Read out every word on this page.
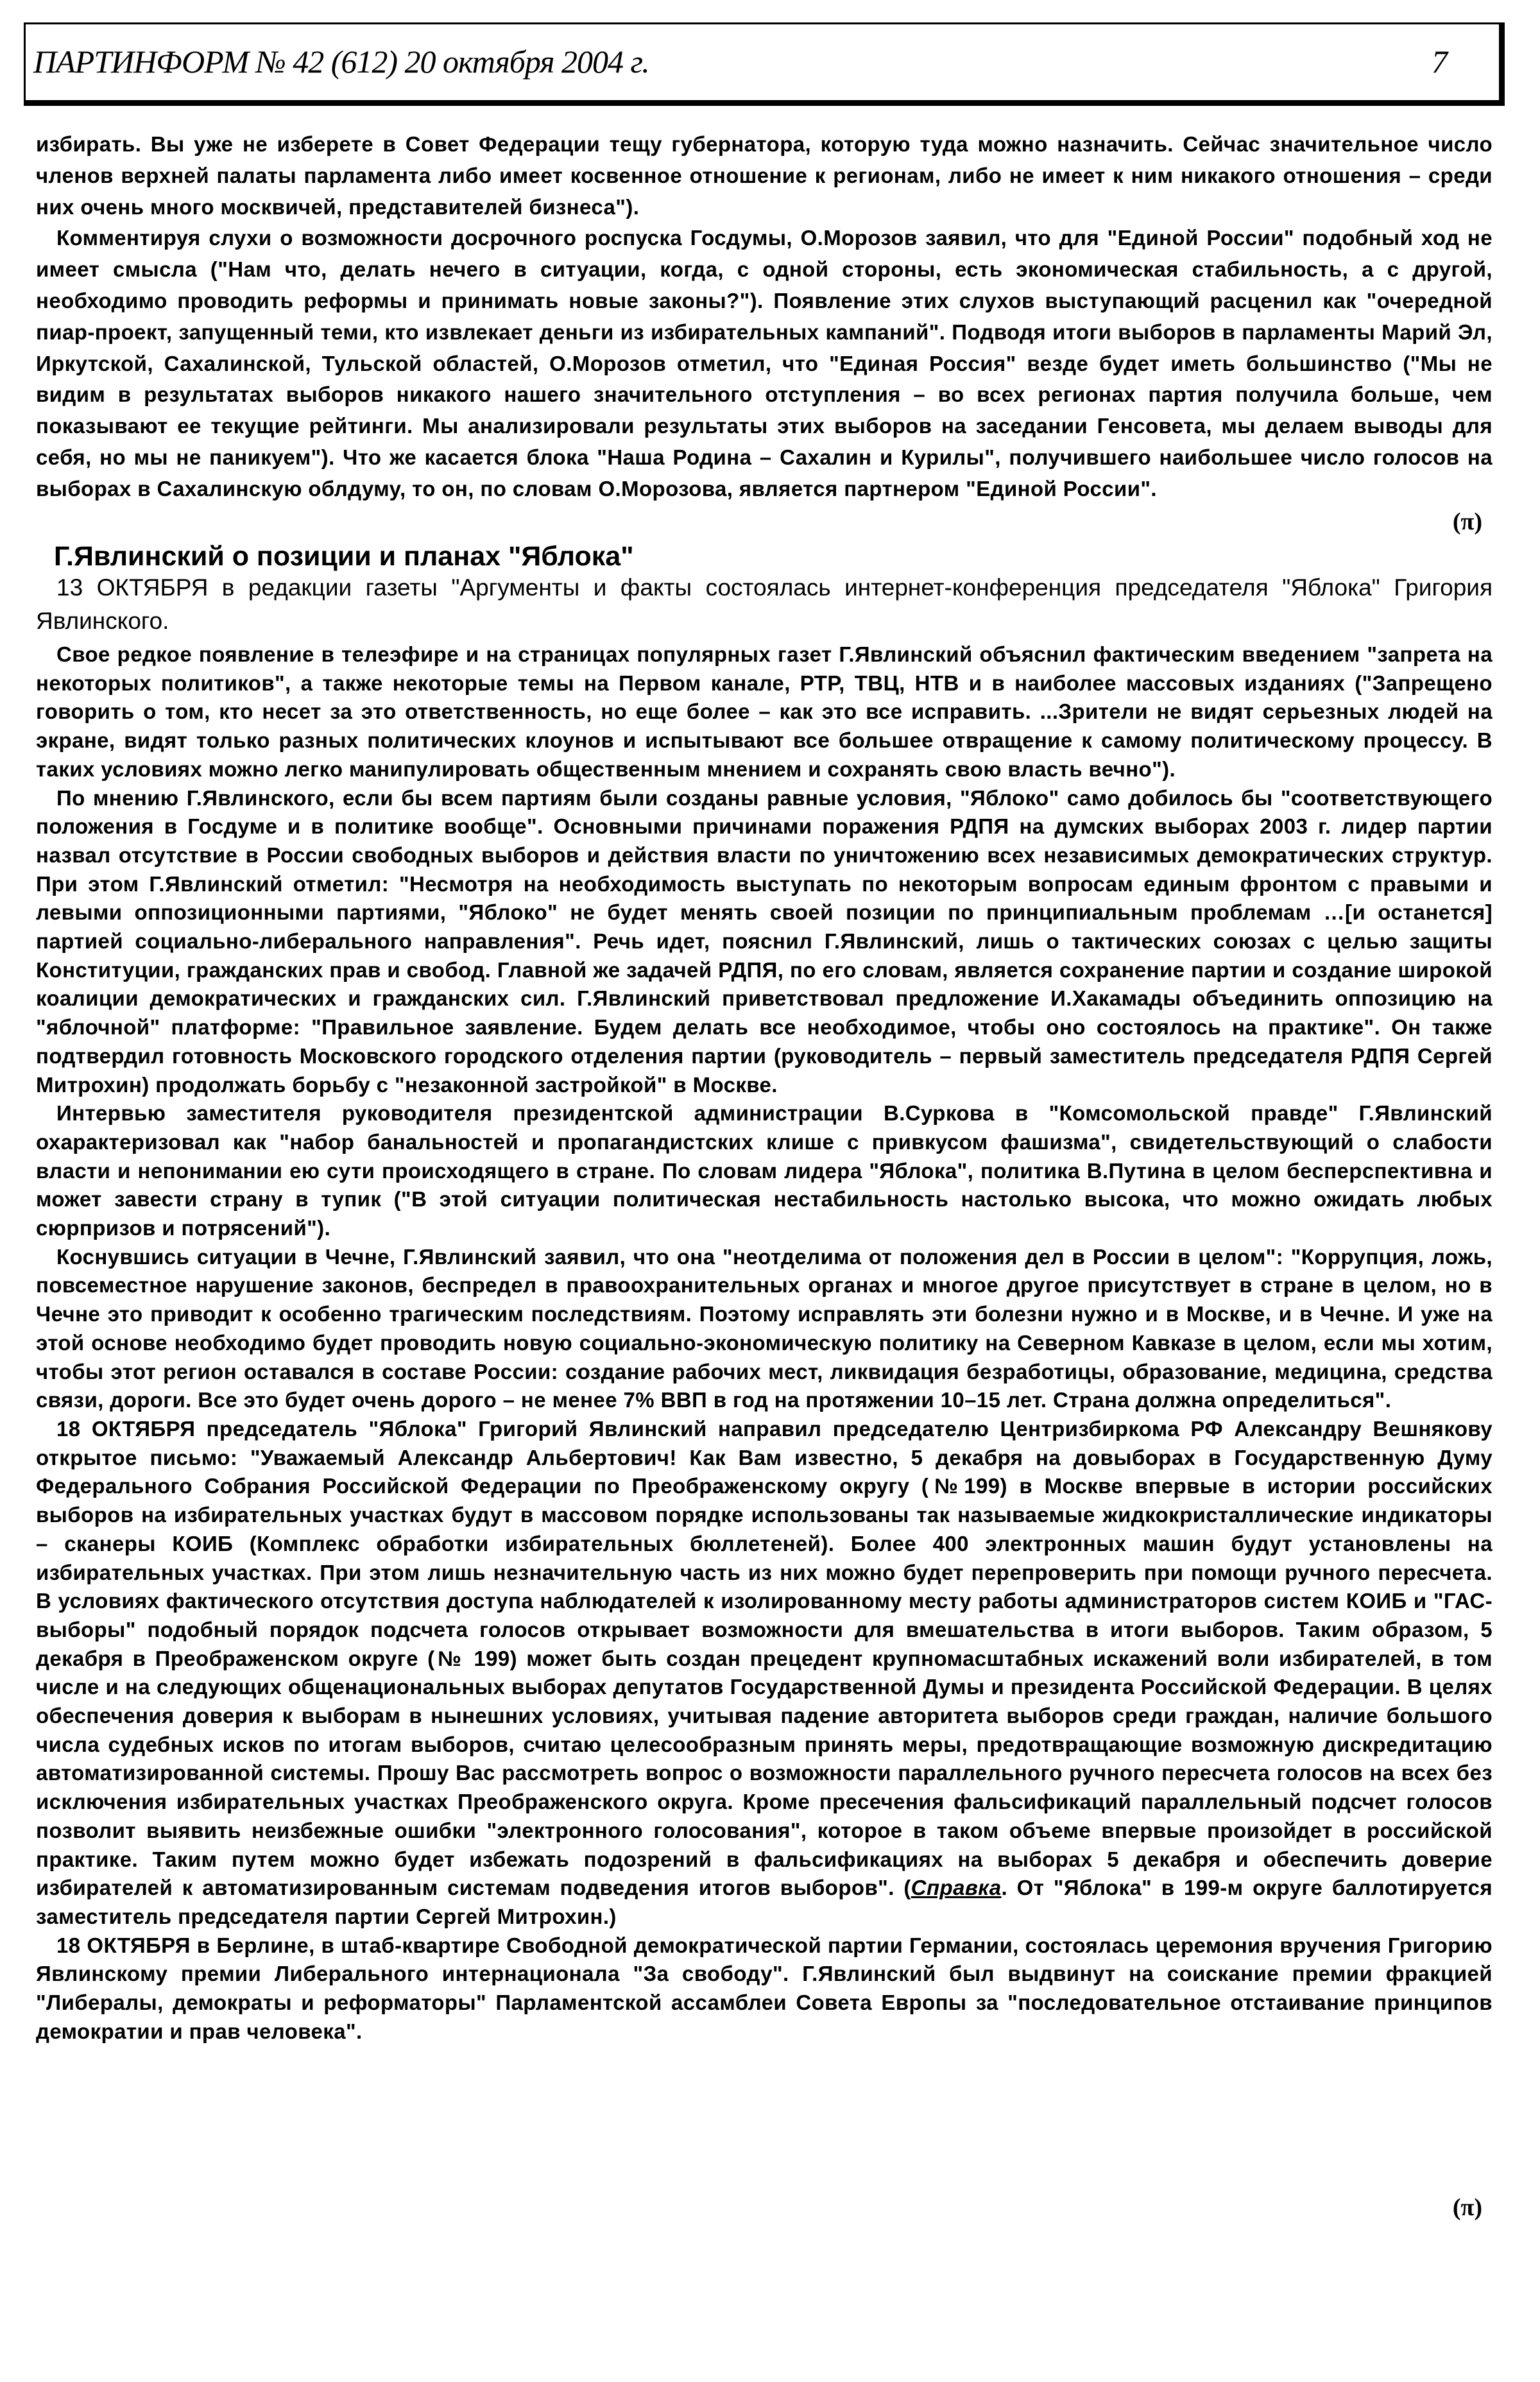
ПАРТИНФОРМ № 42 (612) 20 октября 2004 г.	7

избирать. Вы уже не изберете в Совет Федерации тещу губернатора, которую туда можно назначить. Сейчас значительное число членов верхней палаты парламента либо имеет косвенное отношение к регионам, либо не имеет к ним никакого отношения – среди них очень много москвичей, представителей бизнеса").

Комментируя слухи о возможности досрочного роспуска Госдумы, О.Морозов заявил, что для "Единой России" подобный ход не имеет смысла ("Нам что, делать нечего в ситуации, когда, с одной стороны, есть экономическая стабильность, а с другой, необходимо проводить реформы и принимать новые законы?"). Появление этих слухов выступающий расценил как "очередной пиар-проект, запущенный теми, кто извлекает деньги из избирательных кампаний". Подводя итоги выборов в парламенты Марий Эл, Иркутской, Сахалинской, Тульской областей, О.Морозов отметил, что "Единая Россия" везде будет иметь большинство ("Мы не видим в результатах выборов никакого нашего значительного отступления – во всех регионах партия получила больше, чем показывают ее текущие рейтинги. Мы анализировали результаты этих выборов на заседании Генсовета, мы делаем выводы для себя, но мы не паникуем"). Что же касается блока "Наша Родина – Сахалин и Курилы", получившего наибольшее число голосов на выборах в Сахалинскую облдуму, то он, по словам О.Морозова, является партнером "Единой России".

(π)
Г.Явлинский о позиции и планах "Яблока"

13 ОКТЯБРЯ в редакции газеты "Аргументы и факты состоялась интернет-конференция председателя "Яблока" Григория Явлинского.

Свое редкое появление в телеэфире и на страницах популярных газет Г.Явлинский объяснил фактическим введением "запрета на некоторых политиков", а также некоторые темы на Первом канале, РТР, ТВЦ, НТВ и в наиболее массовых изданиях ("Запрещено говорить о том, кто несет за это ответственность, но еще более – как это все исправить. ...Зрители не видят серьезных людей на экране, видят только разных политических клоунов и испытывают все большее отвращение к самому политическому процессу. В таких условиях можно легко манипулировать общественным мнением и сохранять свою власть вечно").

По мнению Г.Явлинского, если бы всем партиям были созданы равные условия, "Яблоко" само добилось бы "соответствующего положения в Госдуме и в политике вообще". Основными причинами поражения РДПЯ на думских выборах 2003 г. лидер партии назвал отсутствие в России свободных выборов и действия власти по уничтожению всех независимых демократических структур. При этом Г.Явлинский отметил: "Несмотря на необходимость выступать по некоторым вопросам единым фронтом с правыми и левыми оппозиционными партиями, "Яблоко" не будет менять своей позиции по принципиальным проблемам …[и останется] партией социально-либерального направления". Речь идет, пояснил Г.Явлинский, лишь о тактических союзах с целью защиты Конституции, гражданских прав и свобод. Главной же задачей РДПЯ, по его словам, является сохранение партии и создание широкой коалиции демократических и гражданских сил. Г.Явлинский приветствовал предложение И.Хакамады объединить оппозицию на "яблочной" платформе: "Правильное заявление. Будем делать все необходимое, чтобы оно состоялось на практике". Он также подтвердил готовность Московского городского отделения партии (руководитель – первый заместитель председателя РДПЯ Сергей Митрохин) продолжать борьбу с "незаконной застройкой" в Москве.

Интервью заместителя руководителя президентской администрации В.Суркова в "Комсомольской правде" Г.Явлинский охарактеризовал как "набор банальностей и пропагандистских клише с привкусом фашизма", свидетельствующий о слабости власти и непонимании ею сути происходящего в стране. По словам лидера "Яблока", политика В.Путина в целом бесперспективна и может завести страну в тупик ("В этой ситуации политическая нестабильность настолько высока, что можно ожидать любых сюрпризов и потрясений").

Коснувшись ситуации в Чечне, Г.Явлинский заявил, что она "неотделима от положения дел в России в целом": "Коррупция, ложь, повсеместное нарушение законов, беспредел в правоохранительных органах и многое другое присутствует в стране в целом, но в Чечне это приводит к особенно трагическим последствиям. Поэтому исправлять эти болезни нужно и в Москве, и в Чечне. И уже на этой основе необходимо будет проводить новую социально-экономическую политику на Северном Кавказе в целом, если мы хотим, чтобы этот регион оставался в составе России: создание рабочих мест, ликвидация безработицы, образование, медицина, средства связи, дороги. Все это будет очень дорого – не менее 7% ВВП в год на протяжении 10–15 лет. Страна должна определиться".

18 ОКТЯБРЯ председатель "Яблока" Григорий Явлинский направил председателю Центризбиркома РФ Александру Вешнякову открытое письмо: "Уважаемый Александр Альбертович! Как Вам известно, 5 декабря на довыборах в Государственную Думу Федерального Собрания Российской Федерации по Преображенскому округу (№199) в Москве впервые в истории российских выборов на избирательных участках будут в массовом порядке использованы так называемые жидкокристаллические индикаторы – сканеры КОИБ (Комплекс обработки избирательных бюллетеней). Более 400 электронных машин будут установлены на избирательных участках. При этом лишь незначительную часть из них можно будет перепроверить при помощи ручного пересчета. В условиях фактического отсутствия доступа наблюдателей к изолированному месту работы администраторов систем КОИБ и "ГАС-выборы" подобный порядок подсчета голосов открывает возможности для вмешательства в итоги выборов. Таким образом, 5 декабря в Преображенском округе (№ 199) может быть создан прецедент крупномасштабных искажений воли избирателей, в том числе и на следующих общенациональных выборах депутатов Государственной Думы и президента Российской Федерации. В целях обеспечения доверия к выборам в нынешних условиях, учитывая падение авторитета выборов среди граждан, наличие большого числа судебных исков по итогам выборов, считаю целесообразным принять меры, предотвращающие возможную дискредитацию автоматизированной системы. Прошу Вас рассмотреть вопрос о возможности параллельного ручного пересчета голосов на всех без исключения избирательных участках Преображенского округа. Кроме пресечения фальсификаций параллельный подсчет голосов позволит выявить неизбежные ошибки "электронного голосования", которое в таком объеме впервые произойдет в российской практике. Таким путем можно будет избежать подозрений в фальсификациях на выборах 5 декабря и обеспечить доверие избирателей к автоматизированным системам подведения итогов выборов". (Справка. От "Яблока" в 199-м округе баллотируется заместитель председателя партии Сергей Митрохин.)

18 ОКТЯБРЯ в Берлине, в штаб-квартире Свободной демократической партии Германии, состоялась церемония вручения Григорию Явлинскому премии Либерального интернационала "За свободу". Г.Явлинский был выдвинут на соискание премии фракцией "Либералы, демократы и реформаторы" Парламентской ассамблеи Совета Европы за "последовательное отстаивание принципов демократии и прав человека".

(π)
